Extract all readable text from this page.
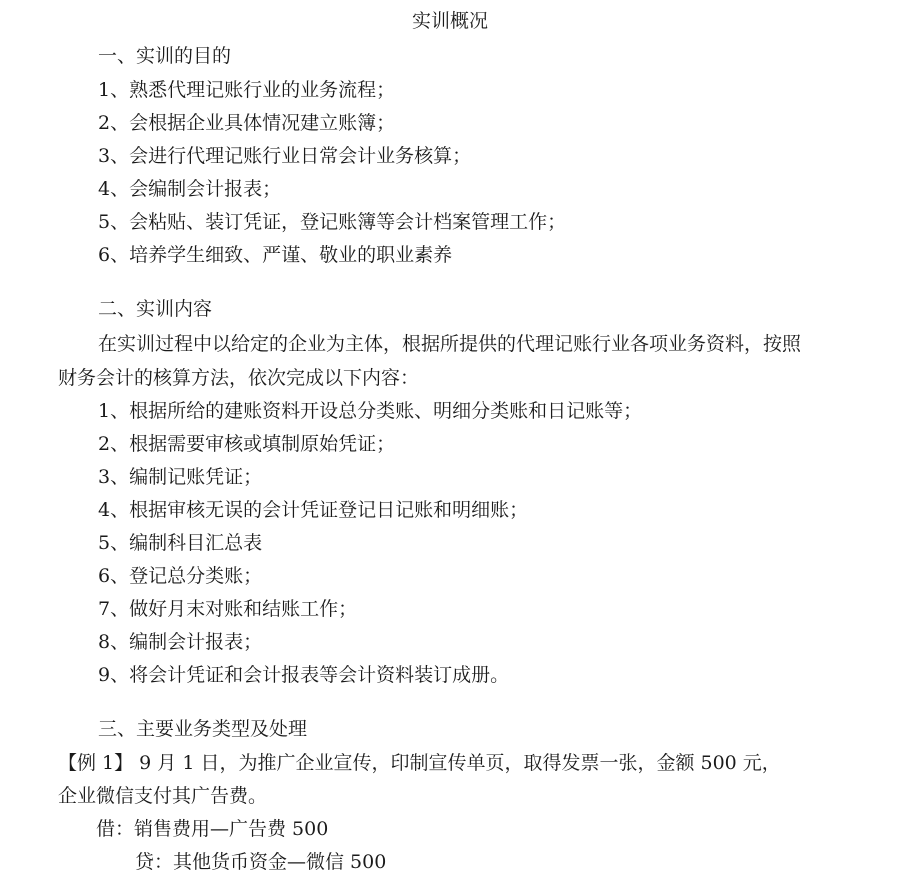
实训概况
一、实训的目的
1、熟悉代理记账行业的业务流程；
2、会根据企业具体情况建立账簿；
3、会进行代理记账行业日常会计业务核算；
4、会编制会计报表；
5、会粘贴、装订凭证，登记账簿等会计档案管理工作；
6、培养学生细致、严谨、敬业的职业素养
二、实训内容
在实训过程中以给定的企业为主体，根据所提供的代理记账行业各项业务资料，按照
财务会计的核算方法，依次完成以下内容：
1、根据所给的建账资料开设总分类账、明细分类账和日记账等；
2、根据需要审核或填制原始凭证；
3、编制记账凭证；
4、根据审核无误的会计凭证登记日记账和明细账；
5、编制科目汇总表
6、登记总分类账；
7、做好月末对账和结账工作；
8、编制会计报表；
9、将会计凭证和会计报表等会计资料装订成册。
三、主要业务类型及处理
【例 1】 9 月 1 日，为推广企业宣传，印制宣传单页，取得发票一张，金额 500 元，
企业微信支付其广告费。
借：销售费用—广告费 500
贷：其他货币资金—微信 500
